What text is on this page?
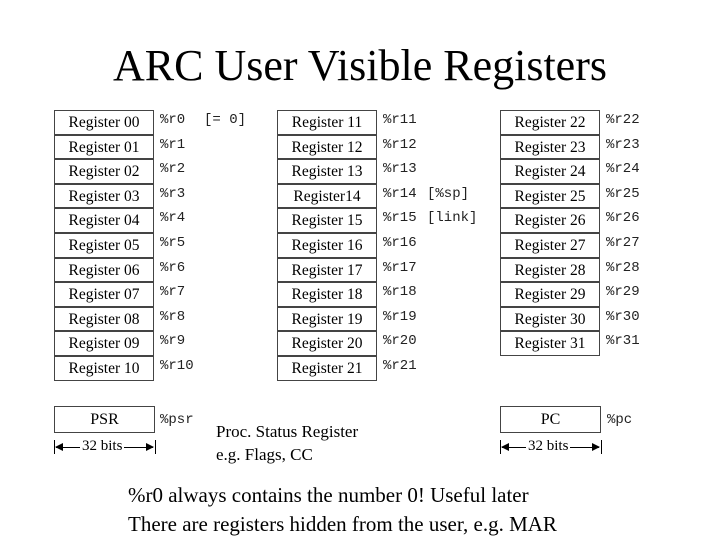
ARC User Visible Registers
Register 00	%r0 [= 0]
Register 01	%r1
Register 02	%r2
Register 03	%r3
Register 04	%r4
Register 05	%r5
Register 06	%r6
Register 07	%r7
Register 08	%r8
Register 09	%r9
Register 10	%r10
Register 11	%r11
Register 12	%r12
Register 13	%r13
Register14	%r14 [%sp]
Register 15	%r15 [link]
Register 16	%r16
Register 17	%r17
Register 18	%r18
Register 19	%r19
Register 20	%r20
Register 21	%r21
Register 22	%r22
Register 23	%r23
Register 24	%r24
Register 25	%r25
Register 26	%r26
Register 27	%r27
Register 28	%r28
Register 29	%r29
Register 30	%r30
Register 31	%r31
PSR	%psr
32 bits
Proc. Status Register
e.g. Flags, CC
PC	%pc
32 bits
%r0 always contains the number 0! Useful later
There are registers hidden from the user, e.g. MAR
